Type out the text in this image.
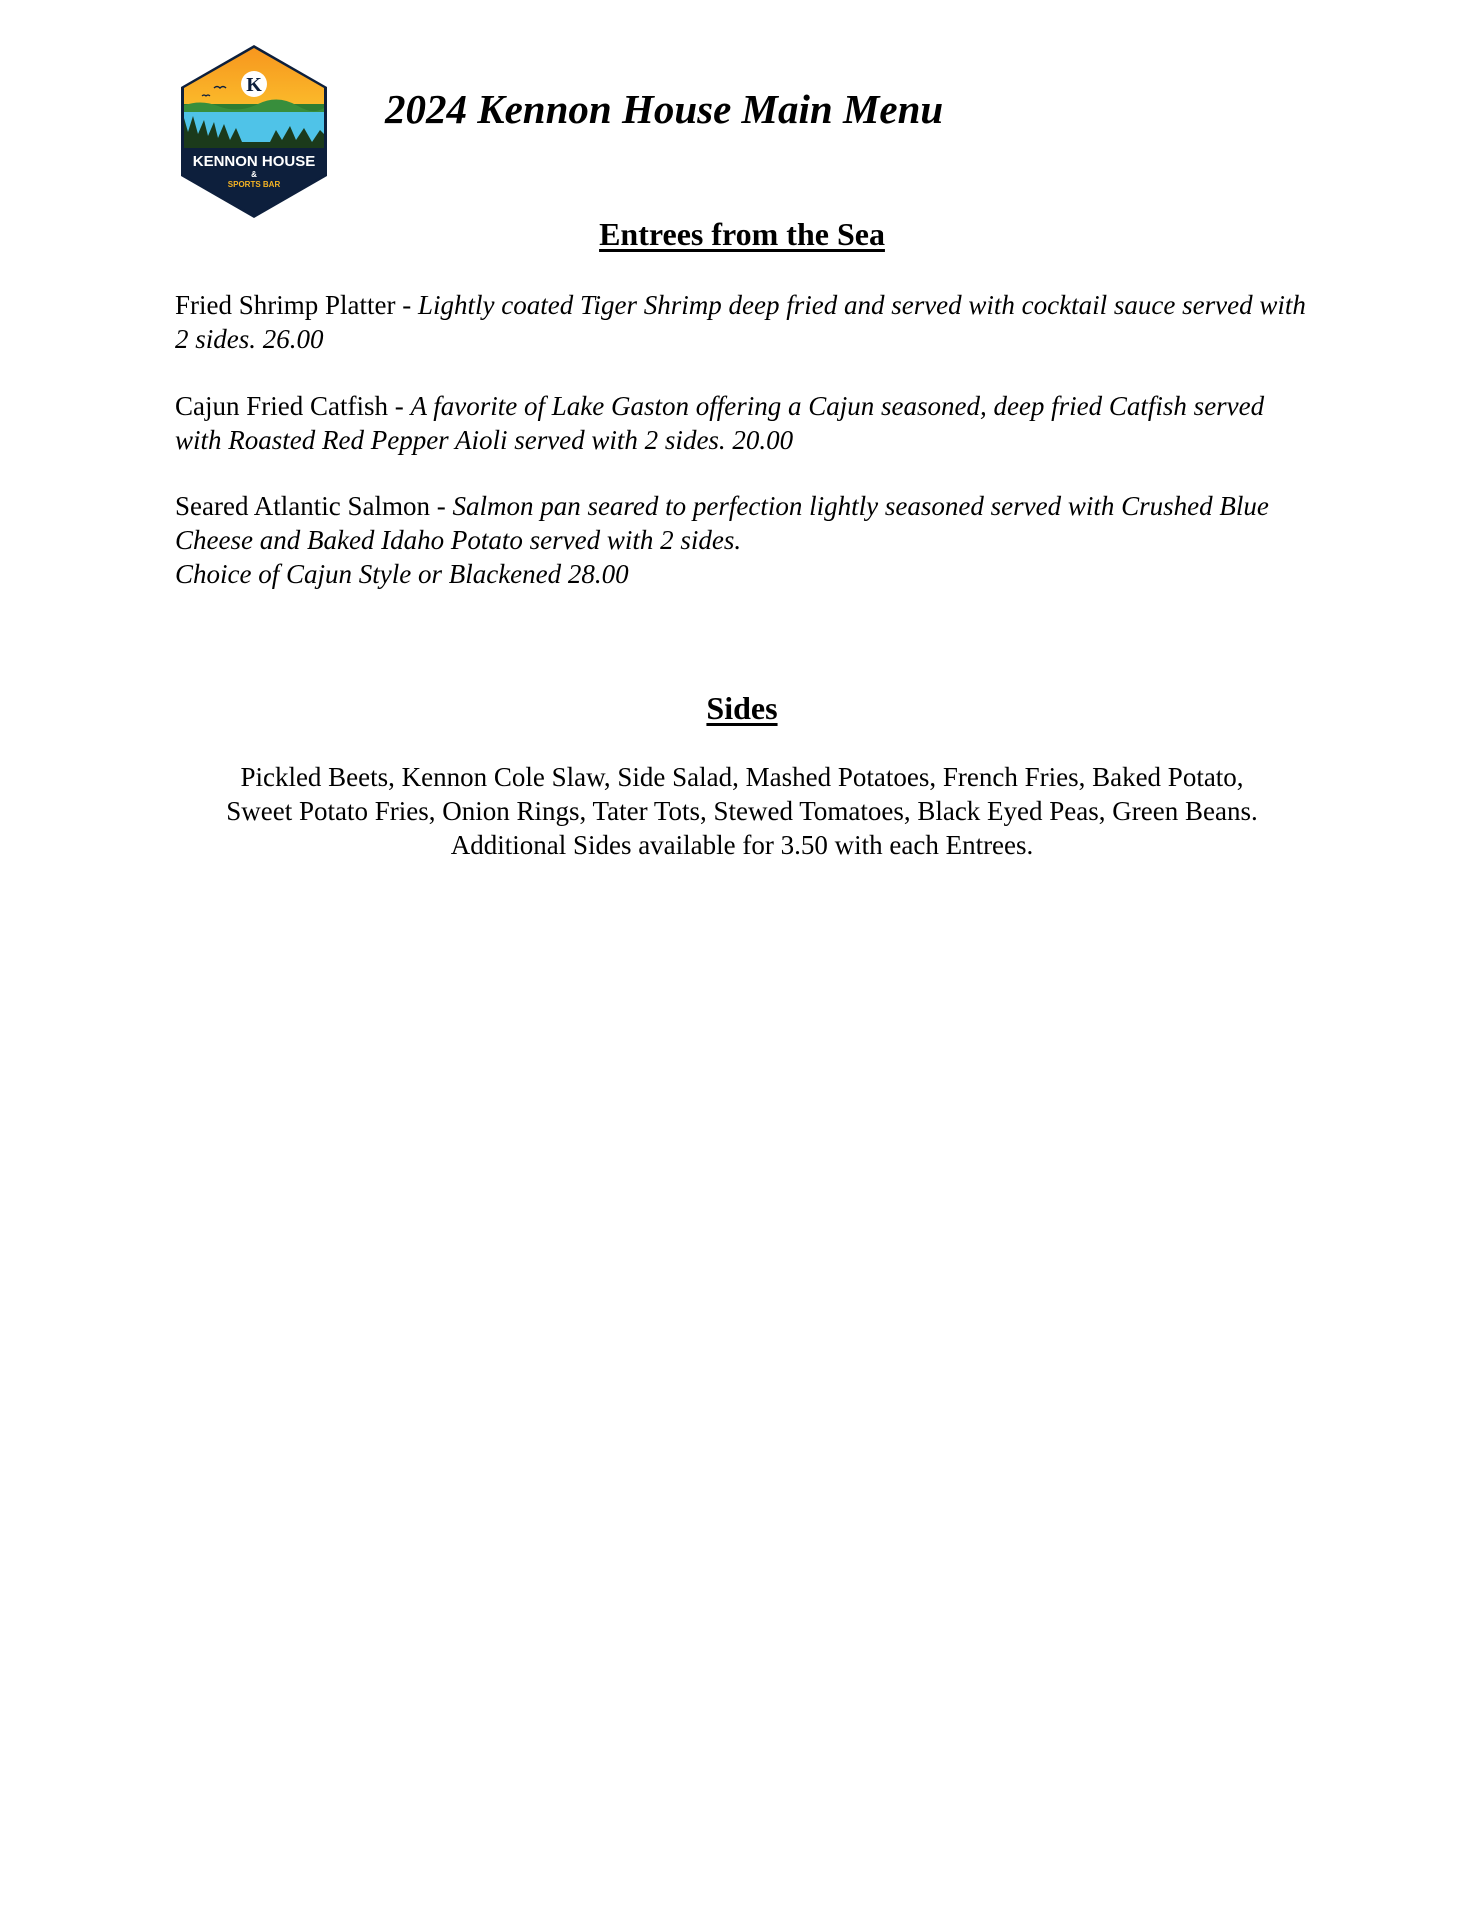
K
KENNON HOUSE
&
SPORTS BAR
2024 Kennon House Main Menu
Entrees from the Sea

Fried Shrimp Platter - Lightly coated Tiger Shrimp deep fried and served with cocktail sauce served with 2 sides. 26.00

Cajun Fried Catfish - A favorite of Lake Gaston offering a Cajun seasoned, deep fried Catfish served with Roasted Red Pepper Aioli served with 2 sides. 20.00

Seared Atlantic Salmon - Salmon pan seared to perfection lightly seasoned served with Crushed Blue Cheese and Baked Idaho Potato served with 2 sides.
Choice of Cajun Style or Blackened 28.00

Sides

Pickled Beets, Kennon Cole Slaw, Side Salad, Mashed Potatoes, French Fries, Baked Potato,
Sweet Potato Fries, Onion Rings, Tater Tots, Stewed Tomatoes, Black Eyed Peas, Green Beans.
Additional Sides available for 3.50 with each Entrees.
